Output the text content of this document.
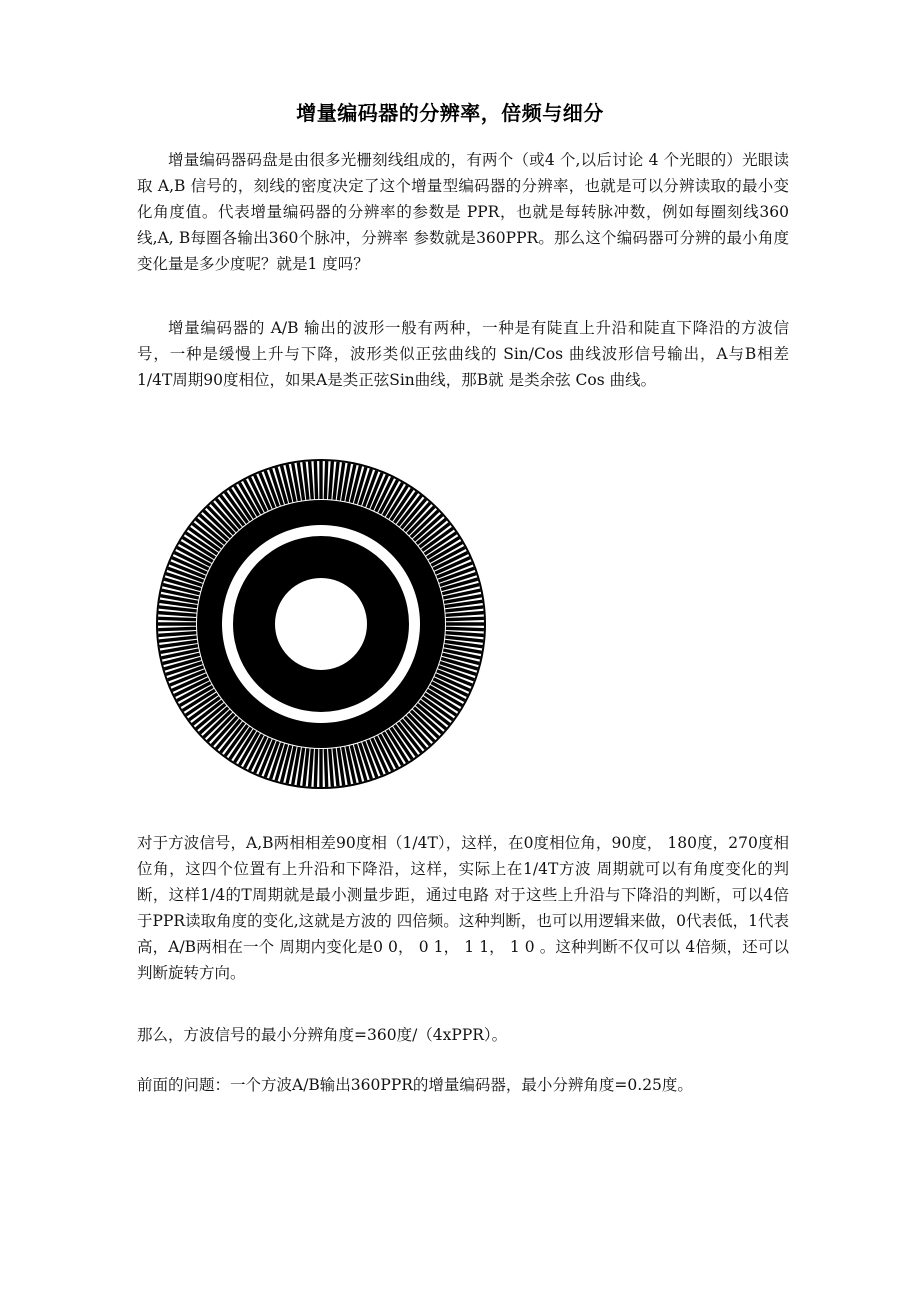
增量编码器的分辨率，倍频与细分

增量编码器码盘是由很多光栅刻线组成的，有两个（或4 个,以后讨论 4 个光眼的）光眼读取 A,B 信号的，刻线的密度决定了这个增量型编码器的分辨率，也就是可以分辨读取的最小变化角度值。代表增量编码器的分辨率的参数是 PPR，也就是每转脉冲数，例如每圈刻线360线,A, B每圈各输出360个脉冲，分辨率 参数就是360PPR。那么这个编码器可分辨的最小角度变化量是多少度呢？就是1 度吗？

增量编码器的 A/B 输出的波形一般有两种，一种是有陡直上升沿和陡直下降沿的方波信号，一种是缓慢上升与下降，波形类似正弦曲线的 Sin/Cos 曲线波形信号输出，A与B相差1/4T周期90度相位，如果A是类正弦Sin曲线，那B就 是类余弦 Cos 曲线。

对于方波信号，A,B两相相差90度相（1/4T），这样，在0度相位角，90度， 180度，270度相位角，这四个位置有上升沿和下降沿，这样，实际上在1/4T方波 周期就可以有角度变化的判断，这样1/4的T周期就是最小测量步距，通过电路 对于这些上升沿与下降沿的判断，可以4倍于PPR读取角度的变化,这就是方波的 四倍频。这种判断，也可以用逻辑来做，0代表低，1代表高，A/B两相在一个 周期内变化是0 0， 0 1， 1 1， 1 0 。这种判断不仅可以 4倍频，还可以判断旋转方向。

那么，方波信号的最小分辨角度=360度/（4xPPR）。

前面的问题：一个方波A/B输出360PPR的增量编码器，最小分辨角度=0.25度。
